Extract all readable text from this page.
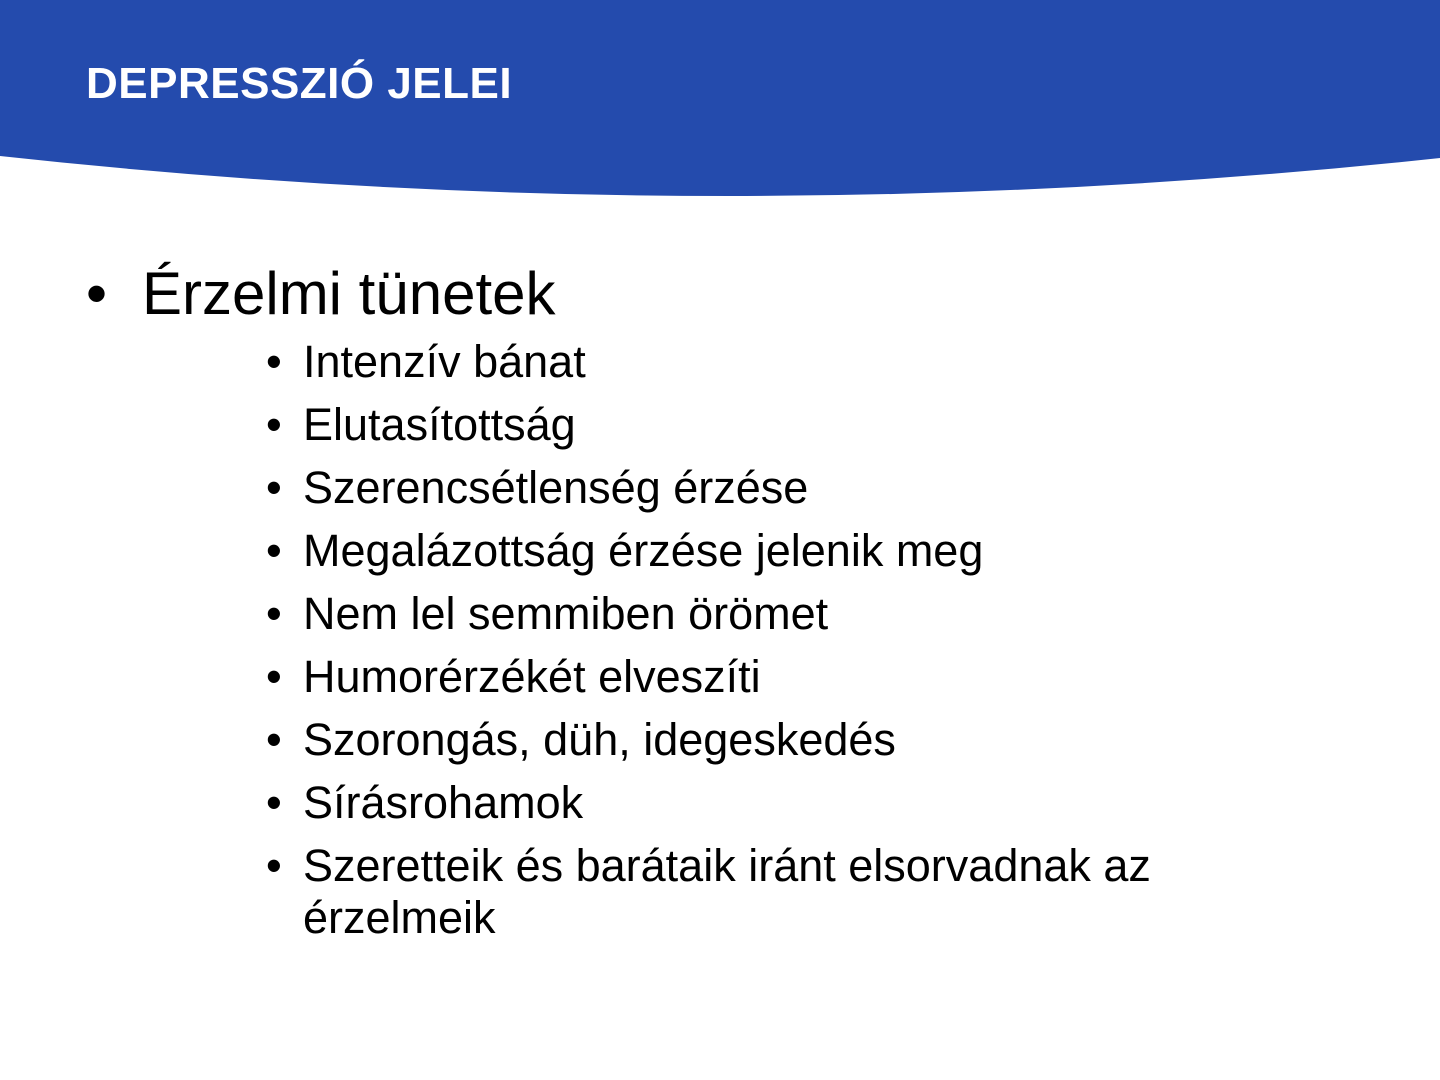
DEPRESSZIÓ JELEI
• Érzelmi tünetek
• Intenzív bánat
• Elutasítottság
• Szerencsétlenség érzése
• Megalázottság érzése jelenik meg
• Nem lel semmiben örömet
• Humorérzékét elveszíti
• Szorongás, düh, idegeskedés
• Sírásrohamok
• Szeretteik és barátaik iránt elsorvadnak az érzelmeik
